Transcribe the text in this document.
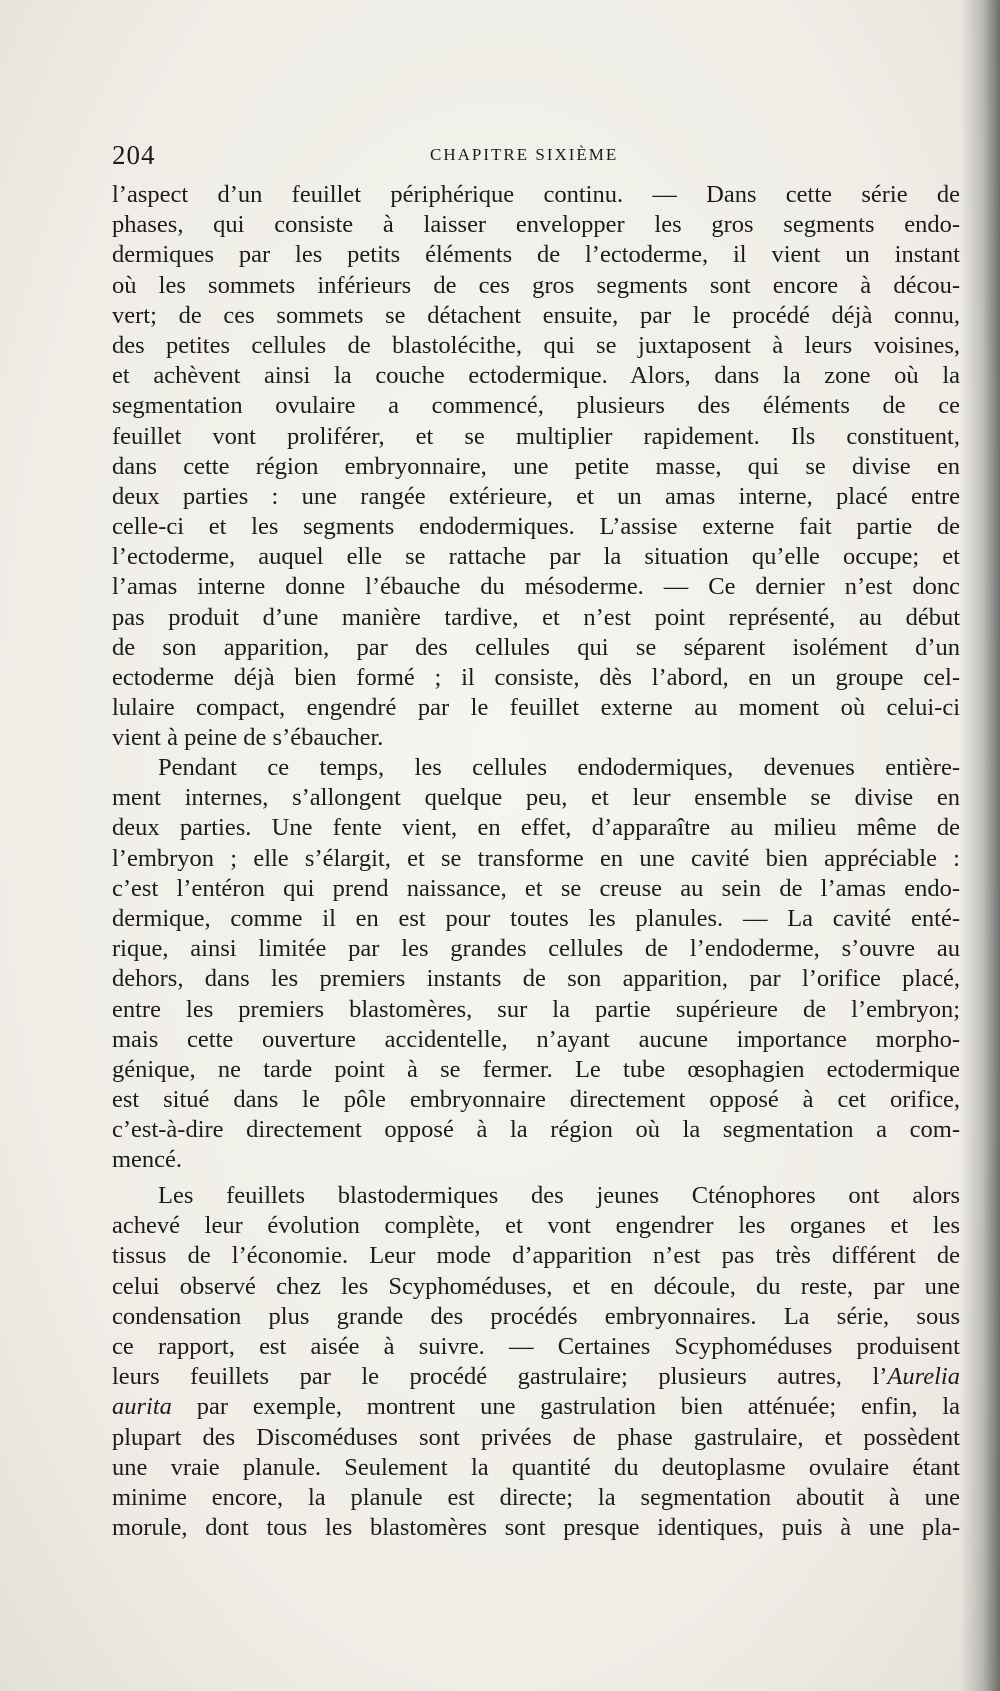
204	CHAPITRE SIXIÈME
l’aspect d’un feuillet périphérique continu. — Dans cette série de
phases, qui consiste à laisser envelopper les gros segments endo-
dermiques par les petits éléments de l’ectoderme, il vient un instant
où les sommets inférieurs de ces gros segments sont encore à décou-
vert; de ces sommets se détachent ensuite, par le procédé déjà connu,
des petites cellules de blastolécithe, qui se juxtaposent à leurs voisines,
et achèvent ainsi la couche ectodermique. Alors, dans la zone où la
segmentation ovulaire a commencé, plusieurs des éléments de ce
feuillet vont proliférer, et se multiplier rapidement. Ils constituent,
dans cette région embryonnaire, une petite masse, qui se divise en
deux parties : une rangée extérieure, et un amas interne, placé entre
celle-ci et les segments endodermiques. L’assise externe fait partie de
l’ectoderme, auquel elle se rattache par la situation qu’elle occupe; et
l’amas interne donne l’ébauche du mésoderme. — Ce dernier n’est donc
pas produit d’une manière tardive, et n’est point représenté, au début
de son apparition, par des cellules qui se séparent isolément d’un
ectoderme déjà bien formé ; il consiste, dès l’abord, en un groupe cel-
lulaire compact, engendré par le feuillet externe au moment où celui-ci
vient à peine de s’ébaucher.
Pendant ce temps, les cellules endodermiques, devenues entière-
ment internes, s’allongent quelque peu, et leur ensemble se divise en
deux parties. Une fente vient, en effet, d’apparaître au milieu même de
l’embryon ; elle s’élargit, et se transforme en une cavité bien appréciable :
c’est l’entéron qui prend naissance, et se creuse au sein de l’amas endo-
dermique, comme il en est pour toutes les planules. — La cavité enté-
rique, ainsi limitée par les grandes cellules de l’endoderme, s’ouvre au
dehors, dans les premiers instants de son apparition, par l’orifice placé,
entre les premiers blastomères, sur la partie supérieure de l’embryon;
mais cette ouverture accidentelle, n’ayant aucune importance morpho-
génique, ne tarde point à se fermer. Le tube œsophagien ectodermique
est situé dans le pôle embryonnaire directement opposé à cet orifice,
c’est-à-dire directement opposé à la région où la segmentation a com-
mencé.
Les feuillets blastodermiques des jeunes Cténophores ont alors
achevé leur évolution complète, et vont engendrer les organes et les
tissus de l’économie. Leur mode d’apparition n’est pas très différent de
celui observé chez les Scyphoméduses, et en découle, du reste, par une
condensation plus grande des procédés embryonnaires. La série, sous
ce rapport, est aisée à suivre. — Certaines Scyphoméduses produisent
leurs feuillets par le procédé gastrulaire; plusieurs autres, l’Aurelia
aurita par exemple, montrent une gastrulation bien atténuée; enfin, la
plupart des Discoméduses sont privées de phase gastrulaire, et possèdent
une vraie planule. Seulement la quantité du deutoplasme ovulaire étant
minime encore, la planule est directe; la segmentation aboutit à une
morule, dont tous les blastomères sont presque identiques, puis à une pla-
